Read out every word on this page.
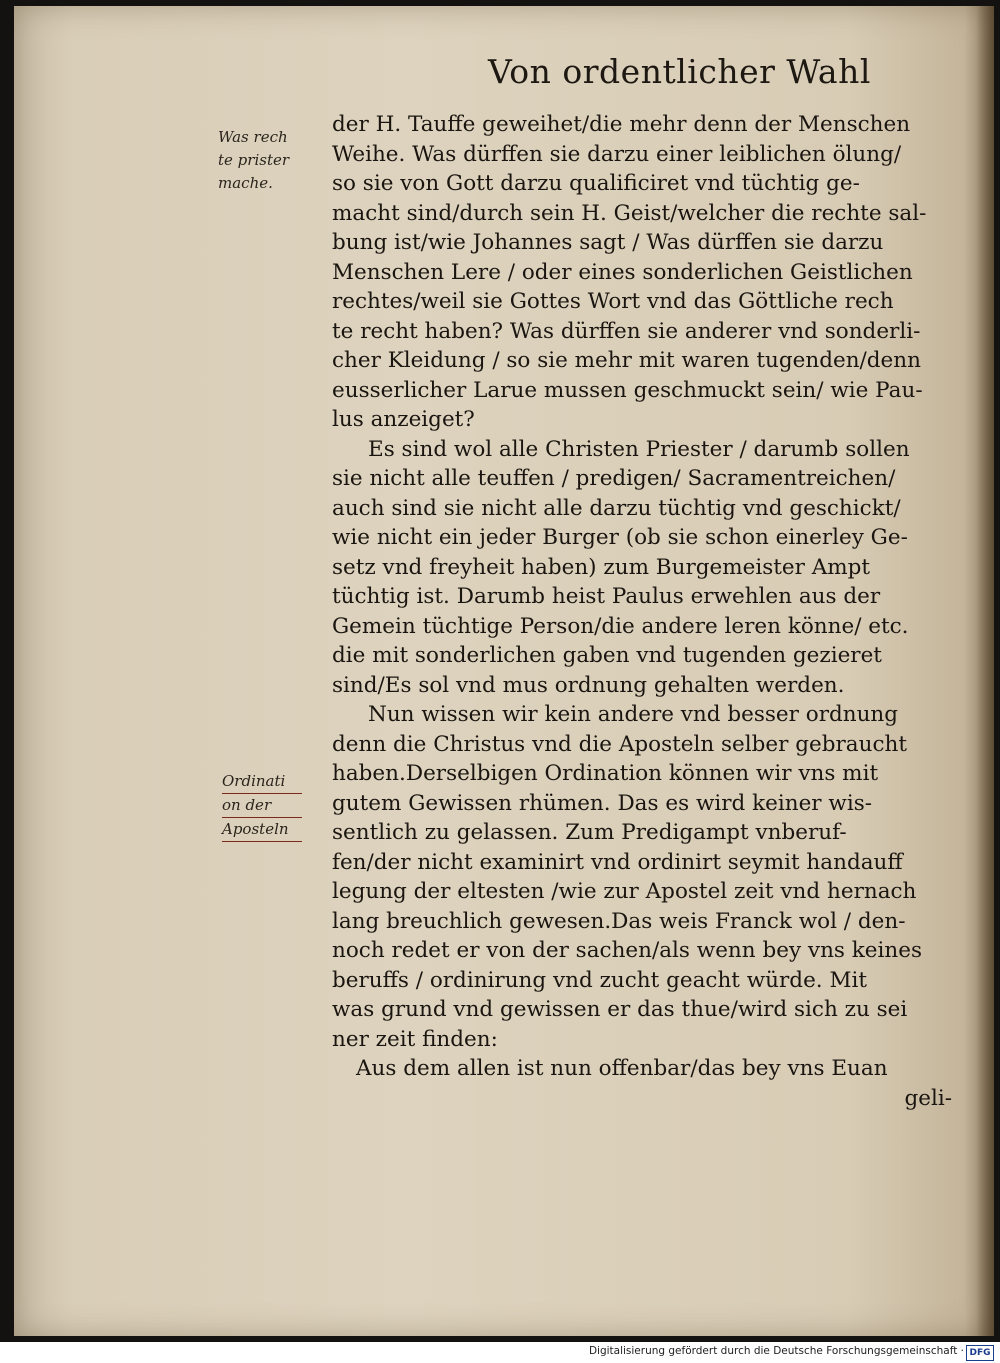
Von ordentlicher Wahl
Was rech
te prister
mache.
Ordinati
on der
Aposteln
der H. Tauffe geweihet/die mehr denn der Menschen
Weihe. Was dürffen sie darzu einer leiblichen ölung/
so sie von Gott darzu qualificiret vnd tüchtig ge-
macht sind/durch sein H. Geist/welcher die rechte sal-
bung ist/wie Johannes sagt / Was dürffen sie darzu
Menschen Lere / oder eines sonderlichen Geistlichen
rechtes/weil sie Gottes Wort vnd das Göttliche rech
te recht haben? Was dürffen sie anderer vnd sonderli-
cher Kleidung / so sie mehr mit waren tugenden/denn
eusserlicher Larue mussen geschmuckt sein/ wie Pau-
lus anzeiget?
Es sind wol alle Christen Priester / darumb sollen
sie nicht alle teuffen / predigen/ Sacramentreichen/
auch sind sie nicht alle darzu tüchtig vnd geschickt/
wie nicht ein jeder Burger (ob sie schon einerley Ge-
setz vnd freyheit haben) zum Burgemeister Ampt
tüchtig ist. Darumb heist Paulus erwehlen aus der
Gemein tüchtige Person/die andere leren könne/ etc.
die mit sonderlichen gaben vnd tugenden gezieret
sind/Es sol vnd mus ordnung gehalten werden.
Nun wissen wir kein andere vnd besser ordnung
denn die Christus vnd die Aposteln selber gebraucht
haben.Derselbigen Ordination können wir vns mit
gutem Gewissen rhümen. Das es wird keiner wis-
sentlich zu gelassen. Zum Predigampt vnberuf-
fen/der nicht examinirt vnd ordinirt seymit handauff
legung der eltesten /wie zur Apostel zeit vnd hernach
lang breuchlich gewesen.Das weis Franck wol / den-
noch redet er von der sachen/als wenn bey vns keines
beruffs / ordinirung vnd zucht geacht würde. Mit
was grund vnd gewissen er das thue/wird sich zu sei
ner zeit finden:
Aus dem allen ist nun offenbar/das bey vns Euan
geli-
Digitalisierung gefördert durch die Deutsche Forschungsgemeinschaft · DFG
